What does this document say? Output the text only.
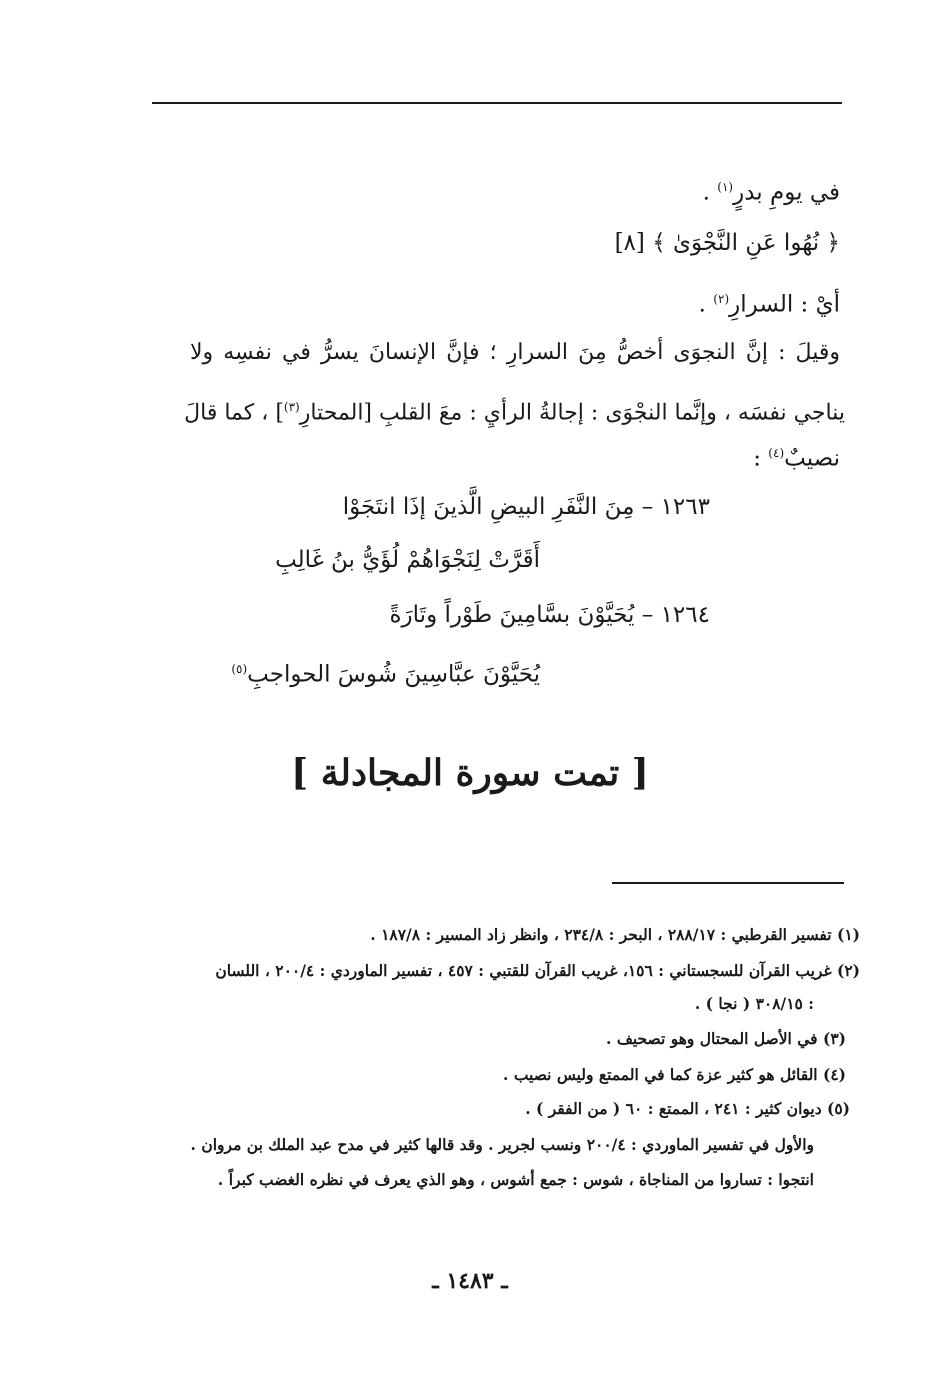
في يومِ بدرٍ$^{(١)}$ .
﴿ نُهُوا عَنِ النَّجْوَىٰ ﴾ [٨]
أيْ : السرارِ$^{(٢)}$ .
وقيلَ : إنَّ النجوَى أخصُّ مِنَ السرارِ ؛ فإنَّ الإنسانَ يسرُّ في نفسِه ولا
يناجي نفسَه ، وإنَّما النجْوَى : إجالةُ الرأيِ : معَ القلبِ [المحتارِ$^{(٣)}$] ، كما قالَ
نصيبٌ$^{(٤)}$ :
١٢٦٣ – مِنَ النَّفَرِ البيضِ الَّذينَ إذَا انتَجَوْا
أَقَرَّتْ لِنَجْوَاهُمْ لُؤَيُّ بنُ غَالِبِ
١٢٦٤ – يُحَيَّوْنَ بسَّامِينَ طَوْراً وتَارَةً
يُحَيَّوْنَ عبَّاسِينَ شُوسَ الحواجبِ$^{(٥)}$
[ تمت سورة المجادلة ]
(١) تفسير القرطبي : ٢٨٨/١٧ ، البحر : ٢٣٤/٨ ، وانظر زاد المسير : ١٨٧/٨ .
(٢) غريب القرآن للسجستاني : ١٥٦، غريب القرآن للقتبي : ٤٥٧ ، تفسير الماوردي : ٢٠٠/٤ ، اللسان
: ٣٠٨/١٥ ( نجا ) .
(٣) في الأصل المحتال وهو تصحيف .
(٤) القائل هو كثير عزة كما في الممتع وليس نصيب .
(٥) ديوان كثير : ٢٤١ ، الممتع : ٦٠ ( من الفقر ) .
والأول في تفسير الماوردي : ٢٠٠/٤ ونسب لجرير . وقد قالها كثير في مدح عبد الملك بن مروان .
انتجوا : تساروا من المناجاة ، شوس : جمع أشوس ، وهو الذي يعرف في نظره الغضب كبراً .
ـ ١٤٨٣ ـ
